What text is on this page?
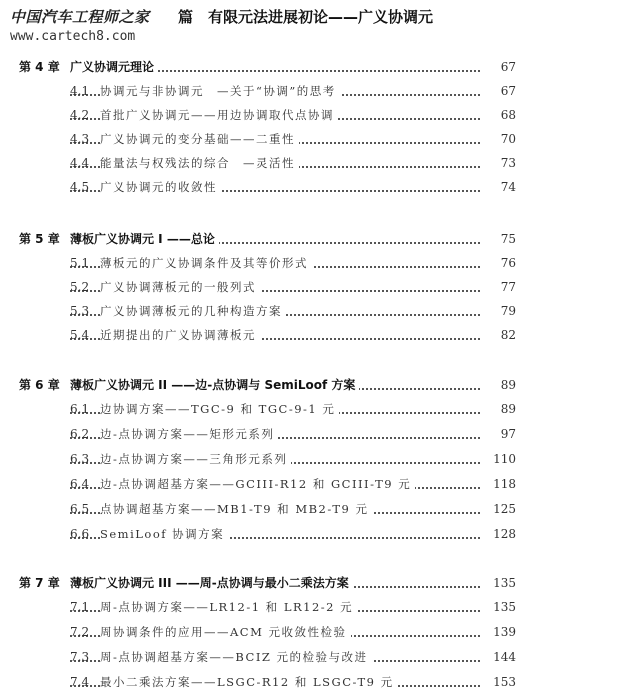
中国汽车工程师之家 篇　有限元法进展初论——广义协调元
www.cartech8.com
第 4 章 广义协调元理论	67
4.1 协调元与非协调元　—关于“协调”的思考	67
4.2 首批广义协调元——用边协调取代点协调	68
4.3 广义协调元的变分基础——二重性	70
4.4 能量法与权残法的综合　—灵活性	73
4.5 广义协调元的收敛性	74
第 5 章 薄板广义协调元 I ——总论	75
5.1 薄板元的广义协调条件及其等价形式	76
5.2 广义协调薄板元的一般列式	77
5.3 广义协调薄板元的几种构造方案	79
5.4 近期提出的广义协调薄板元	82
第 6 章 薄板广义协调元 II ——边-点协调与 SemiLoof 方案	89
6.1 边协调方案——TGC-9 和 TGC-9-1 元	89
6.2 边-点协调方案——矩形元系列	97
6.3 边-点协调方案——三角形元系列	110
6.4 边-点协调超基方案——GCIII-R12 和 GCIII-T9 元	118
6.5 点协调超基方案——MB1-T9 和 MB2-T9 元	125
6.6 SemiLoof 协调方案	128
第 7 章 薄板广义协调元 III ——周-点协调与最小二乘法方案	135
7.1 周-点协调方案——LR12-1 和 LR12-2 元	135
7.2 周协调条件的应用——ACM 元收敛性检验	139
7.3 周-点协调超基方案——BCIZ 元的检验与改进	144
7.4 最小二乘法方案——LSGC-R12 和 LSGC-T9 元	153
